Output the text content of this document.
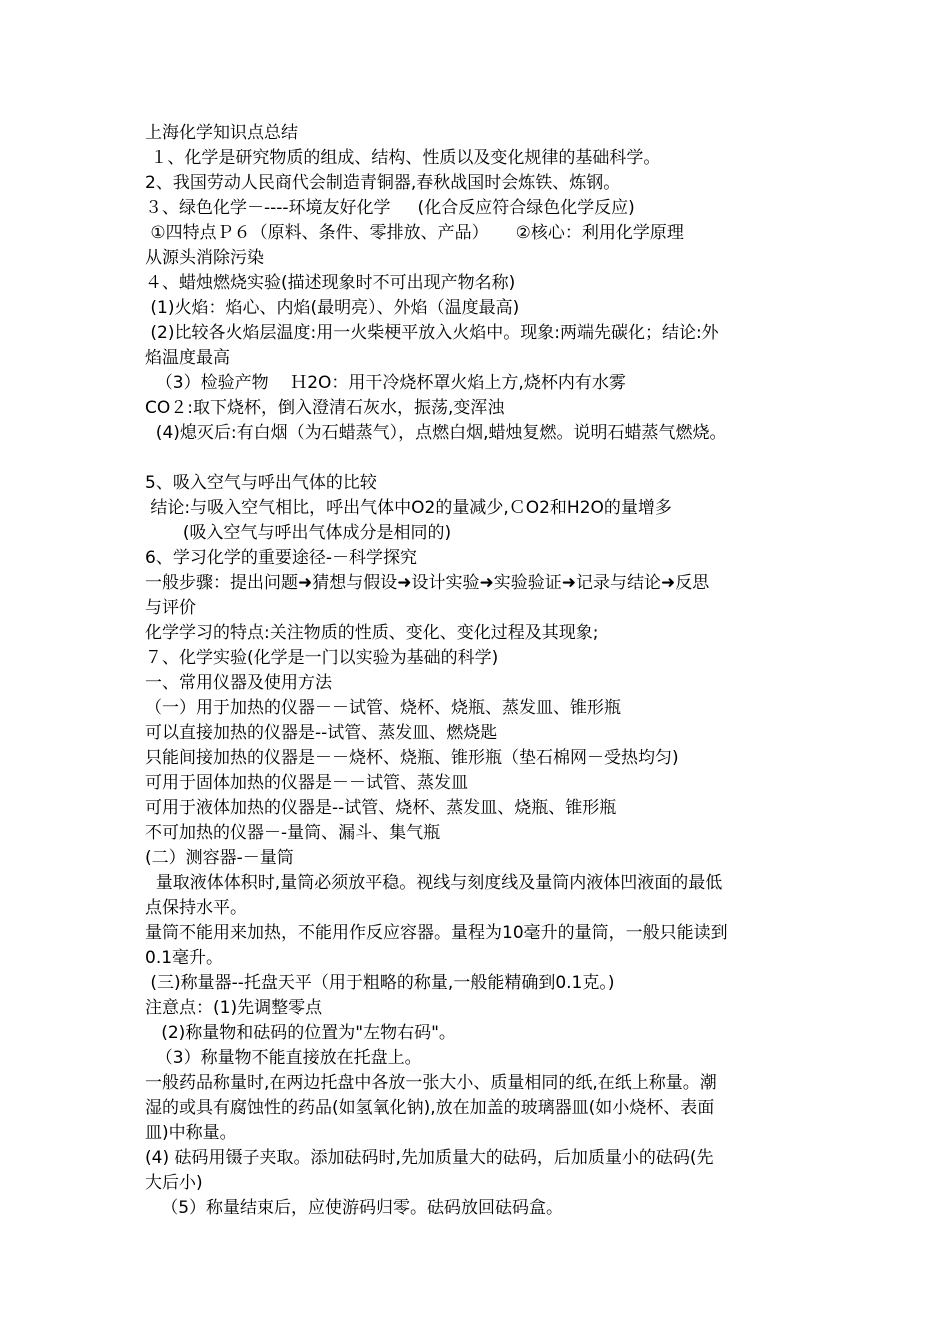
上海化学知识点总结
１、化学是研究物质的组成、结构、性质以及变化规律的基础科学。
2、我国劳动人民商代会制造青铜器,春秋战国时会炼铁、炼钢。
３、绿色化学－----环境友好化学     (化合反应符合绿色化学反应)
①四特点Ｐ６（原料、条件、零排放、产品）     ②核心：利用化学原理
从源头消除污染
４、蜡烛燃烧实验(描述现象时不可出现产物名称)
(1)火焰：焰心、内焰(最明亮）、外焰（温度最高)
(2)比较各火焰层温度:用一火柴梗平放入火焰中。现象:两端先碳化；结论:外
焰温度最高
（3）检验产物    Ｈ2O：用干冷烧杯罩火焰上方,烧杯内有水雾
CO２:取下烧杯，倒入澄清石灰水，振荡,变浑浊
(4)熄灭后:有白烟（为石蜡蒸气），点燃白烟,蜡烛复燃。说明石蜡蒸气燃烧。
5、吸入空气与呼出气体的比较
结论:与吸入空气相比，呼出气体中O2的量减少,ＣO2和H2O的量增多
(吸入空气与呼出气体成分是相同的)
6、学习化学的重要途径-－科学探究
一般步骤：提出问题➜猜想与假设➜设计实验➜实验验证➜记录与结论➜反思
与评价
化学学习的特点:关注物质的性质、变化、变化过程及其现象;
７、化学实验(化学是一门以实验为基础的科学)
一、常用仪器及使用方法
（一）用于加热的仪器－－试管、烧杯、烧瓶、蒸发皿、锥形瓶
可以直接加热的仪器是--试管、蒸发皿、燃烧匙
只能间接加热的仪器是－－烧杯、烧瓶、锥形瓶（垫石棉网－受热均匀)
可用于固体加热的仪器是－－试管、蒸发皿
可用于液体加热的仪器是--试管、烧杯、蒸发皿、烧瓶、锥形瓶
不可加热的仪器－-量筒、漏斗、集气瓶
(二）测容器-－量筒
量取液体体积时,量筒必须放平稳。视线与刻度线及量筒内液体凹液面的最低
点保持水平。
量筒不能用来加热，不能用作反应容器。量程为10毫升的量筒，一般只能读到
0.1毫升。
(三)称量器--托盘天平（用于粗略的称量,一般能精确到0.1克。)
注意点：(1)先调整零点
(2)称量物和砝码的位置为"左物右码"。
（3）称量物不能直接放在托盘上。
一般药品称量时,在两边托盘中各放一张大小、质量相同的纸,在纸上称量。潮
湿的或具有腐蚀性的药品(如氢氧化钠),放在加盖的玻璃器皿(如小烧杯、表面
皿)中称量。
(4) 砝码用镊子夹取。添加砝码时,先加质量大的砝码，后加质量小的砝码(先
大后小)
（5）称量结束后，应使游码归零。砝码放回砝码盒。
